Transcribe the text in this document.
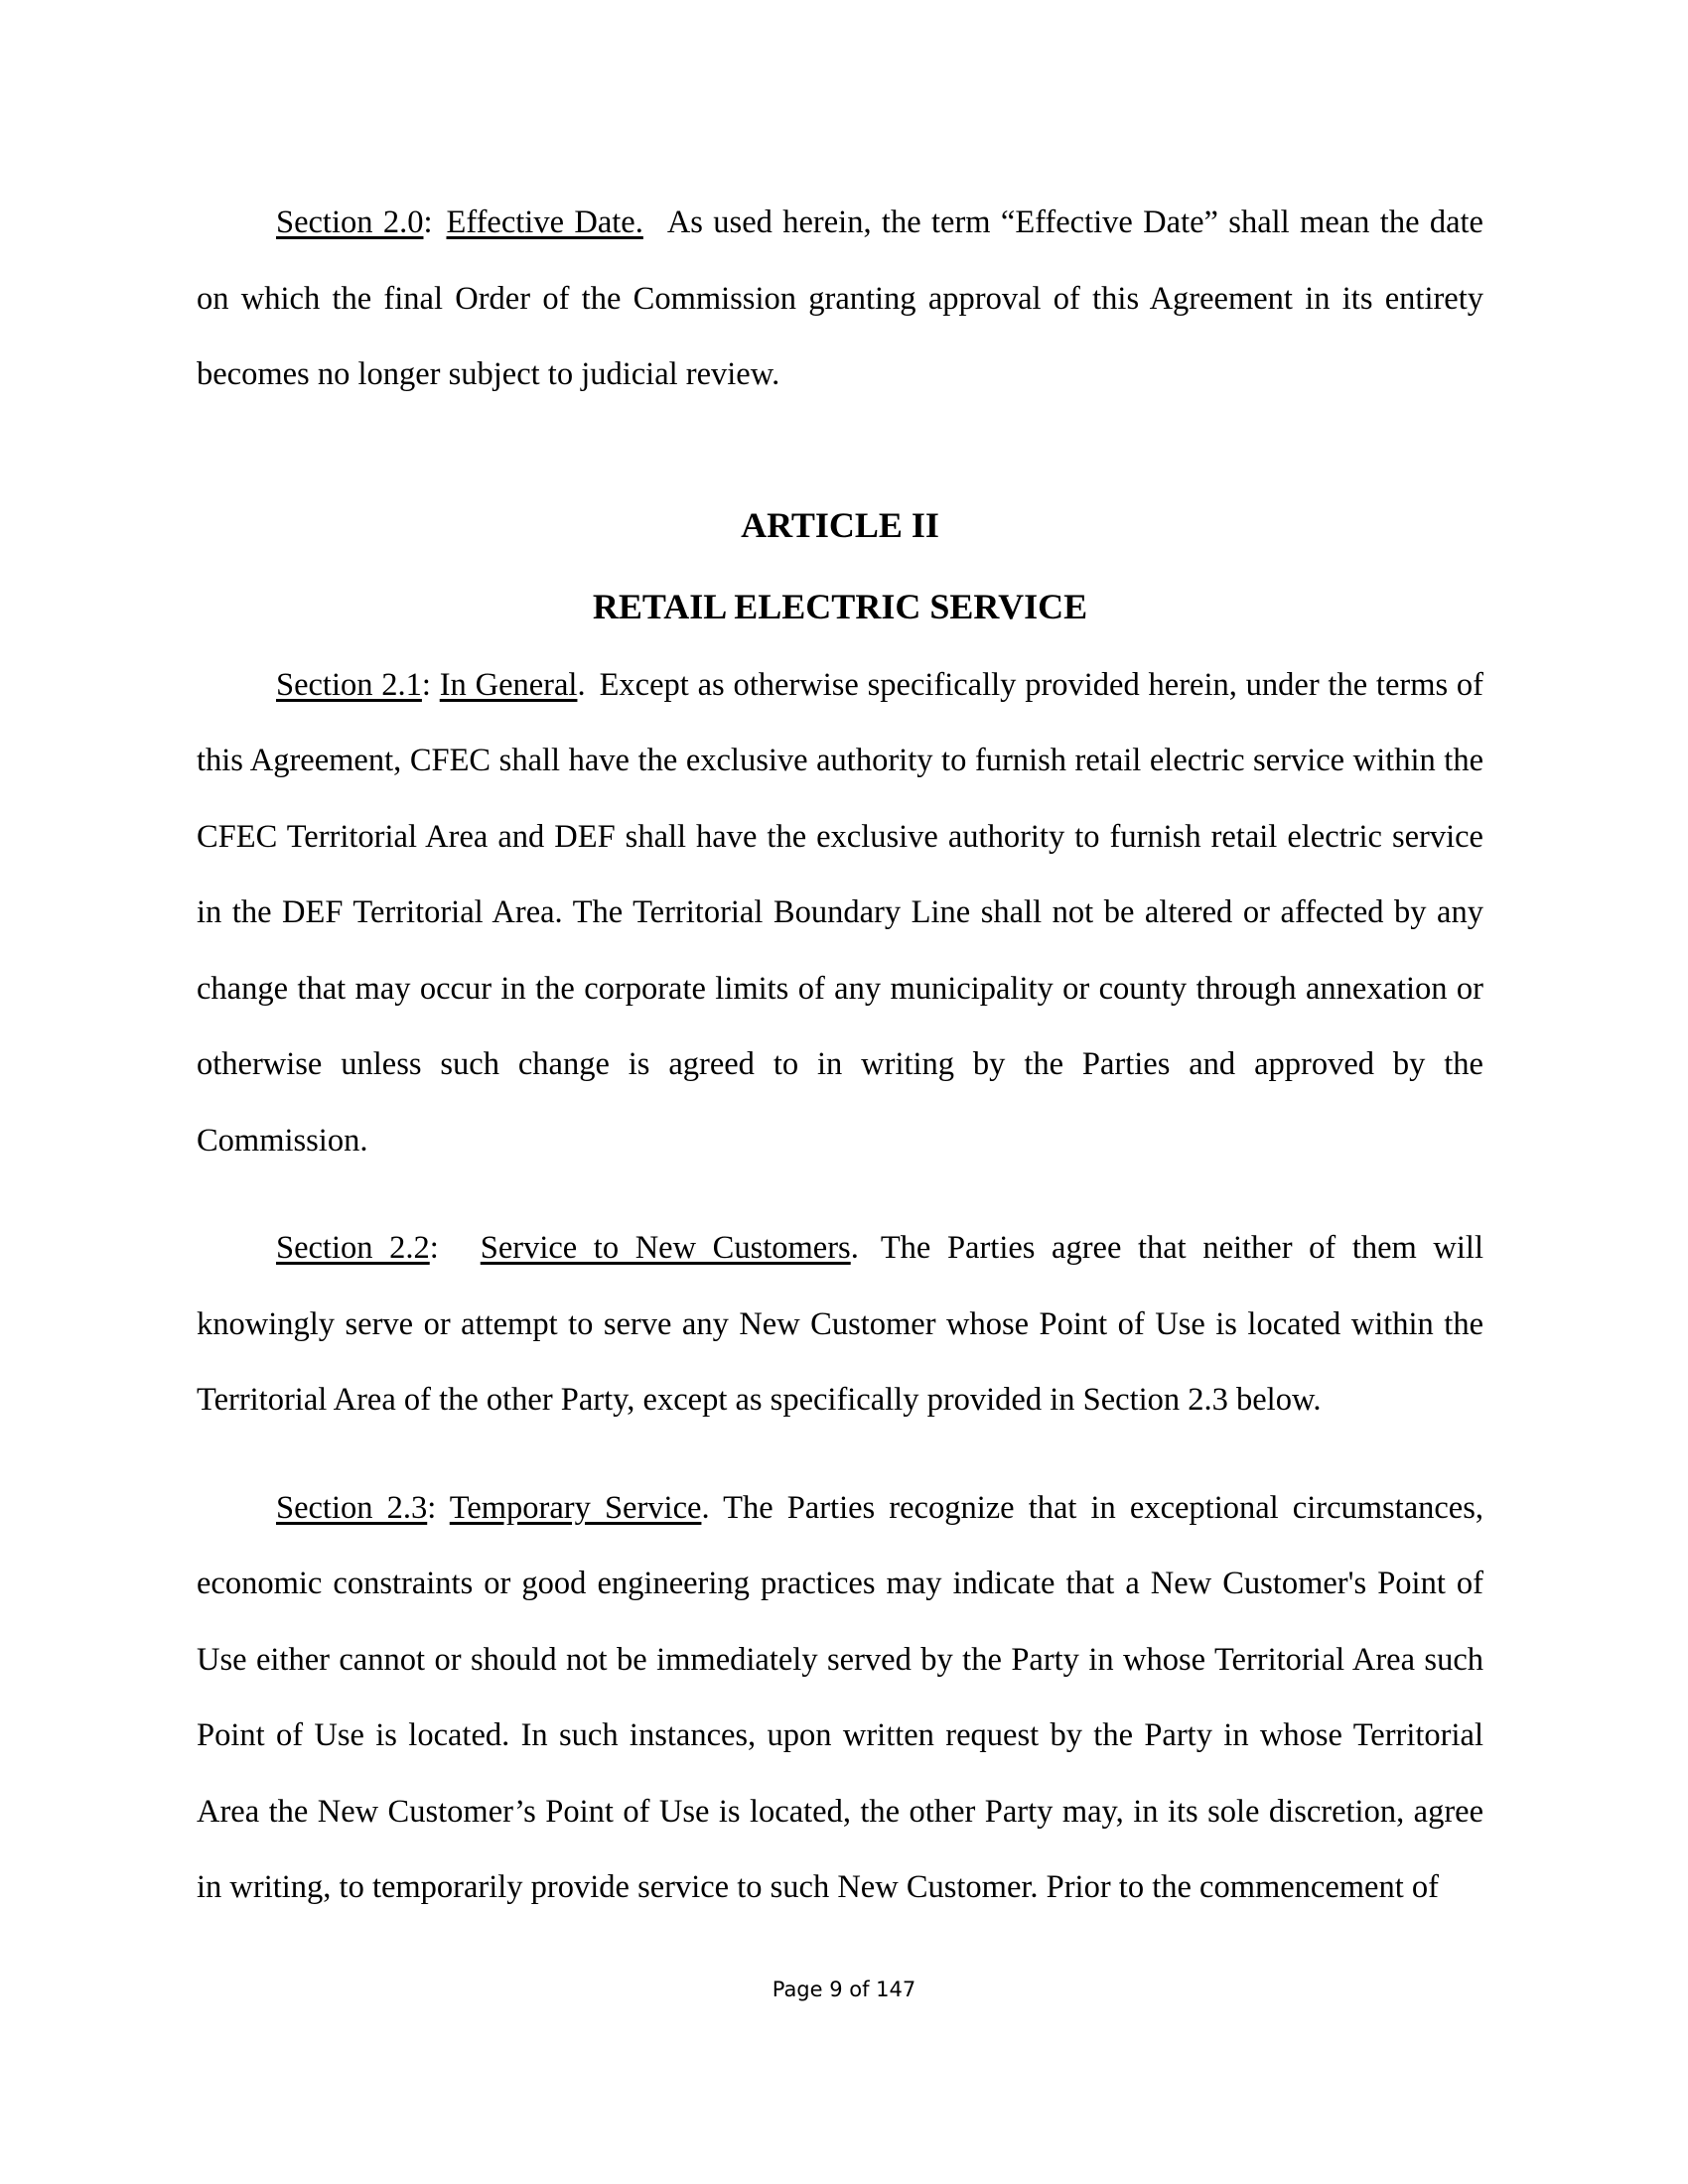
Section 2.0: Effective Date. As used herein, the term “Effective Date” shall mean the date on which the final Order of the Commission granting approval of this Agreement in its entirety becomes no longer subject to judicial review.

ARTICLE II
RETAIL ELECTRIC SERVICE

Section 2.1: In General. Except as otherwise specifically provided herein, under the terms of this Agreement, CFEC shall have the exclusive authority to furnish retail electric service within the CFEC Territorial Area and DEF shall have the exclusive authority to furnish retail electric service in the DEF Territorial Area. The Territorial Boundary Line shall not be altered or affected by any change that may occur in the corporate limits of any municipality or county through annexation or otherwise unless such change is agreed to in writing by the Parties and approved by the Commission.

Section 2.2: Service to New Customers. The Parties agree that neither of them will knowingly serve or attempt to serve any New Customer whose Point of Use is located within the Territorial Area of the other Party, except as specifically provided in Section 2.3 below.

Section 2.3: Temporary Service. The Parties recognize that in exceptional circumstances, economic constraints or good engineering practices may indicate that a New Customer's Point of Use either cannot or should not be immediately served by the Party in whose Territorial Area such Point of Use is located. In such instances, upon written request by the Party in whose Territorial Area the New Customer’s Point of Use is located, the other Party may, in its sole discretion, agree in writing, to temporarily provide service to such New Customer. Prior to the commencement of

Page 9 of 147
